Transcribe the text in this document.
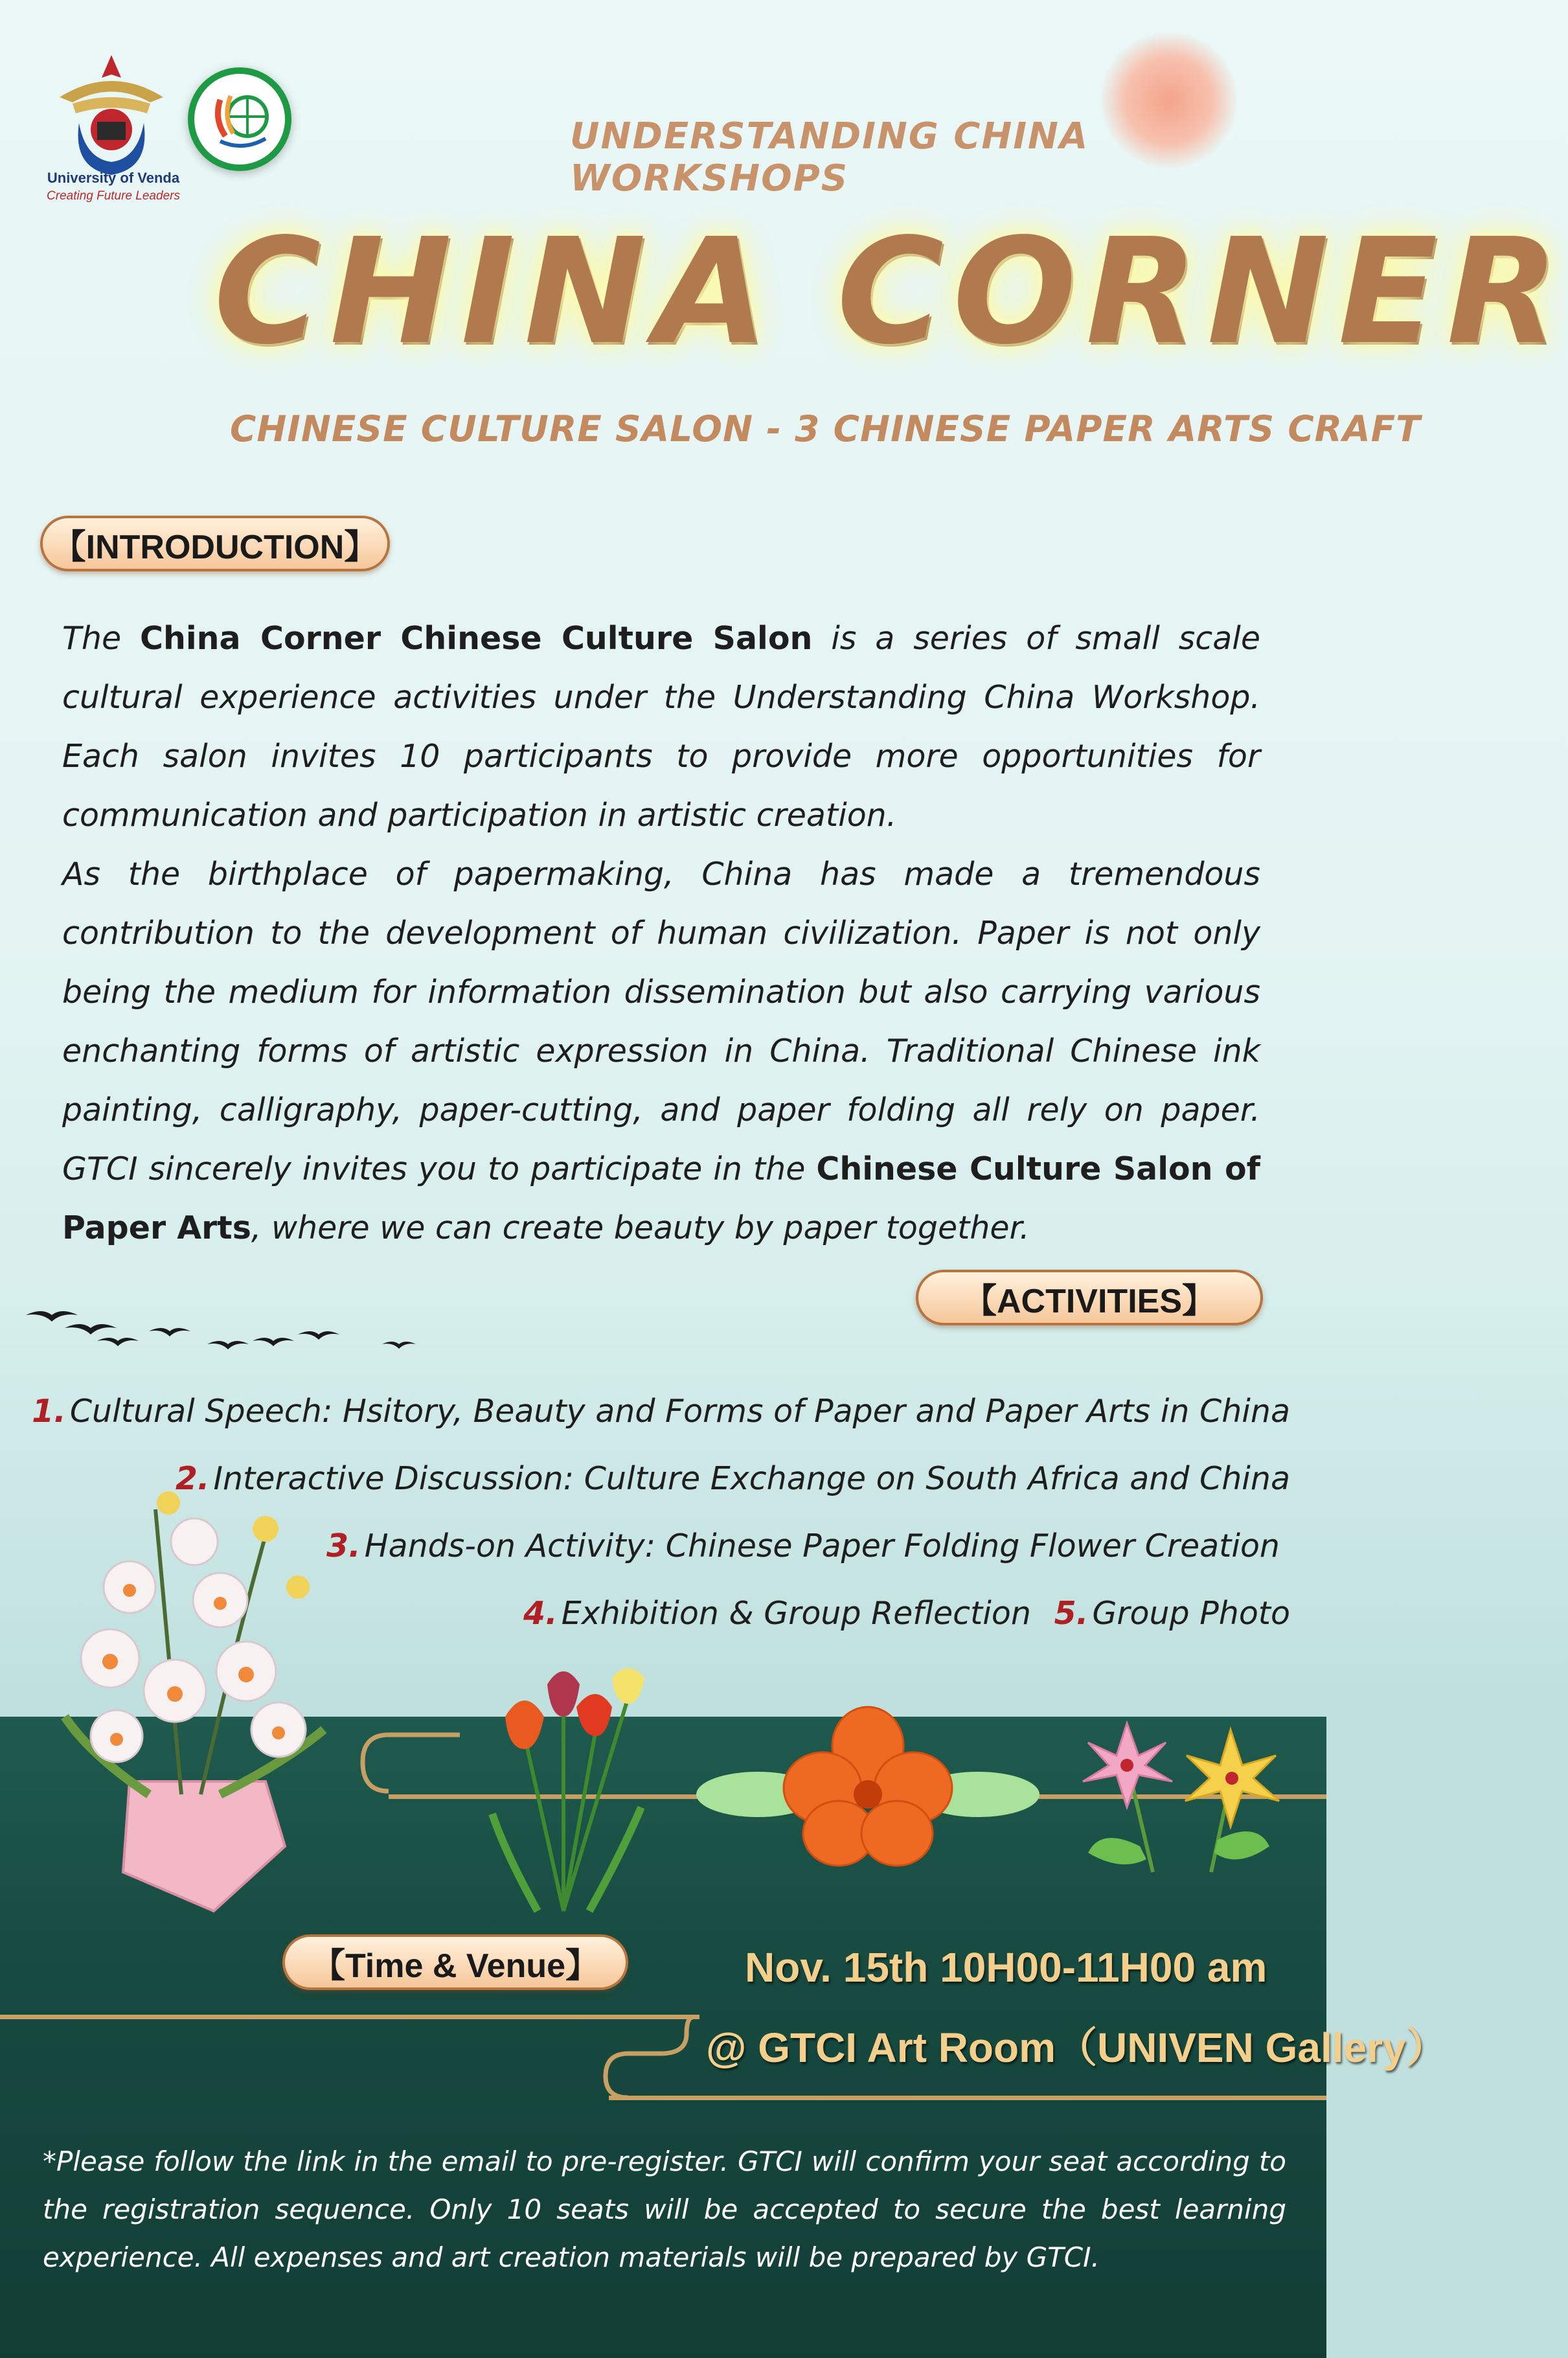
University of Venda
Creating Future Leaders
UNDERSTANDING CHINA WORKSHOPS
CHINA CORNER
CHINESE CULTURE SALON - 3 CHINESE PAPER ARTS CRAFT
【INTRODUCTION】

The China Corner Chinese Culture Salon is a series of small scale cultural experience activities under the Understanding China Workshop. Each salon invites 10 participants to provide more opportunities for communication and participation in artistic creation.

As the birthplace of papermaking, China has made a tremendous contribution to the development of human civilization. Paper is not only being the medium for information dissemination but also carrying various enchanting forms of artistic expression in China. Traditional Chinese ink painting, calligraphy, paper-cutting, and paper folding all rely on paper. GTCI sincerely invites you to participate in the Chinese Culture Salon of Paper Arts, where we can create beauty by paper together.

【ACTIVITIES】
1. Cultural Speech: Hsitory, Beauty and Forms of Paper and Paper Arts in China
2. Interactive Discussion: Culture Exchange on South Africa and China
3. Hands-on Activity: Chinese Paper Folding Flower Creation
4. Exhibition & Group Reflection 5. Group Photo
【Time & Venue】	Nov. 15th 10H00-11H00 am
@ GTCI Art Room（UNIVEN Gallery）
*Please follow the link in the email to pre-register. GTCI will confirm your seat according to the registration sequence. Only 10 seats will be accepted to secure the best learning experience. All expenses and art creation materials will be prepared by GTCI.
